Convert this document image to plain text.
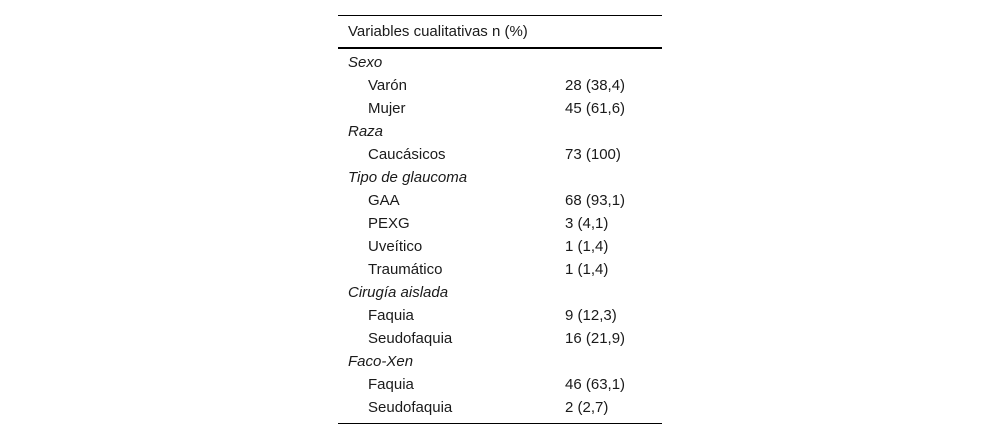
Variables cualitativas n (%)
Sexo
Varón	28 (38,4)
Mujer	45 (61,6)
Raza
Caucásicos	73 (100)
Tipo de glaucoma
GAA	68 (93,1)
PEXG	3 (4,1)
Uveítico	1 (1,4)
Traumático	1 (1,4)
Cirugía aislada
Faquia	9 (12,3)
Seudofaquia	16 (21,9)
Faco-Xen
Faquia	46 (63,1)
Seudofaquia	2 (2,7)
